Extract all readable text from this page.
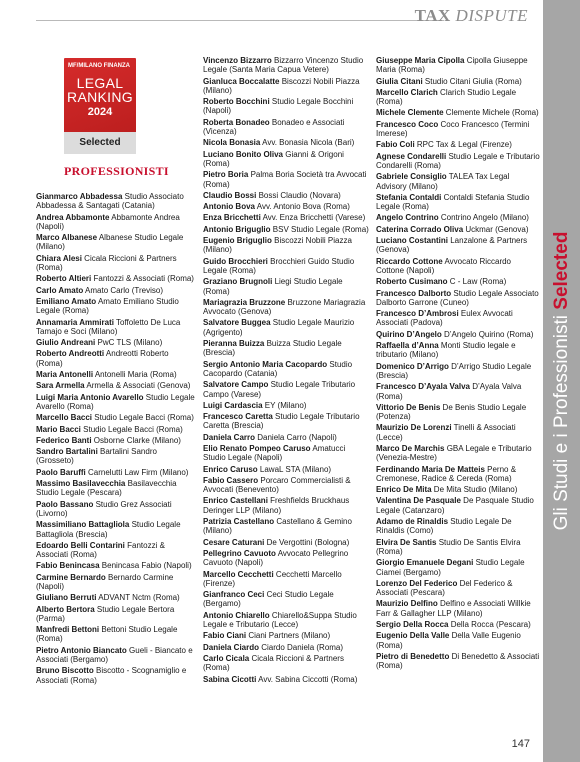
TAX DISPUTE
Gli Studi e i Professionisti Selected
MF/MILANO FINANZA
LEGAL
RANKING
2024
Selected
PROFESSIONISTI
Gianmarco Abbadessa Studio Associato Abbadessa & Santagati (Catania)
Andrea Abbamonte Abbamonte Andrea (Napoli)
Marco Albanese Albanese Studio Legale (Milano)
Chiara Alesi Cicala Riccioni & Partners (Roma)
Roberto Altieri Fantozzi & Associati (Roma)
Carlo Amato Amato Carlo (Treviso)
Emiliano Amato Amato Emiliano Studio Legale (Roma)
Annamaria Ammirati Toffoletto De Luca Tamajo e Soci (Milano)
Giulio Andreani PwC TLS (Milano)
Roberto Andreotti Andreotti Roberto (Roma)
Maria Antonelli Antonelli Maria (Roma)
Sara Armella Armella & Associati (Genova)
Luigi Maria Antonio Avarello Studio Legale Avarello (Roma)
Marcello Bacci Studio Legale Bacci (Roma)
Mario Bacci Studio Legale Bacci (Roma)
Federico Banti Osborne Clarke (Milano)
Sandro Bartalini Bartalini Sandro (Grosseto)
Paolo Baruffi Carnelutti Law Firm (Milano)
Massimo Basilavecchia Basilavecchia Studio Legale (Pescara)
Paolo Bassano Studio Grez Associati (Livorno)
Massimiliano Battagliola Studio Legale Battagliola (Brescia)
Edoardo Belli Contarini Fantozzi & Associati (Roma)
Fabio Benincasa Benincasa Fabio (Napoli)
Carmine Bernardo Bernardo Carmine (Napoli)
Giuliano Berruti ADVANT Nctm (Roma)
Alberto Bertora Studio Legale Bertora (Parma)
Manfredi Bettoni Bettoni Studio Legale (Roma)
Pietro Antonio Biancato Gueli - Biancato e Associati (Bergamo)
Bruno Biscotto Biscotto - Scognamiglio e Associati (Roma)
Vincenzo Bizzarro Bizzarro Vincenzo Studio Legale (Santa Maria Capua Vetere)
Gianluca Boccalatte Biscozzi Nobili Piazza (Milano)
Roberto Bocchini Studio Legale Bocchini (Napoli)
Roberta Bonadeo Bonadeo e Associati (Vicenza)
Nicola Bonasia Avv. Bonasia Nicola (Bari)
Luciano Bonito Oliva Gianni & Origoni (Roma)
Pietro Boria Palma Boria Società tra Avvocati (Roma)
Claudio Bossi Bossi Claudio (Novara)
Antonio Bova Avv. Antonio Bova (Roma)
Enza Bricchetti Avv. Enza Bricchetti (Varese)
Antonio Briguglio BSV Studio Legale (Roma)
Eugenio Briguglio Biscozzi Nobili Piazza (Milano)
Guido Brocchieri Brocchieri Guido Studio Legale (Roma)
Graziano Brugnoli Liegi Studio Legale (Roma)
Mariagrazia Bruzzone Bruzzone Mariagrazia Avvocato (Genova)
Salvatore Buggea Studio Legale Maurizio (Agrigento)
Pieranna Buizza Buizza Studio Legale (Brescia)
Sergio Antonio Maria Cacopardo Studio Cacopardo (Catania)
Salvatore Campo Studio Legale Tributario Campo (Varese)
Luigi Cardascia EY (Milano)
Francesco Caretta Studio Legale Tributario Caretta (Brescia)
Daniela Carro Daniela Carro (Napoli)
Elio Renato Pompeo Caruso Amatucci Studio Legale (Napoli)
Enrico Caruso LawaL STA (Milano)
Fabio Cassero Porcaro Commercialisti & Avvocati (Benevento)
Enrico Castellani Freshfields Bruckhaus Deringer LLP (Milano)
Patrizia Castellano Castellano & Gemino (Milano)
Cesare Caturani De Vergottini (Bologna)
Pellegrino Cavuoto Avvocato Pellegrino Cavuoto (Napoli)
Marcello Cecchetti Cecchetti Marcello (Firenze)
Gianfranco Ceci Ceci Studio Legale (Bergamo)
Antonio Chiarello Chiarello&Suppa Studio Legale e Tributario (Lecce)
Fabio Ciani Ciani Partners (Milano)
Daniela Ciardo Ciardo Daniela (Roma)
Carlo Cicala Cicala Riccioni & Partners (Roma)
Sabina Cicotti Avv. Sabina Ciccotti (Roma)
Giuseppe Maria Cipolla Cipolla Giuseppe Maria (Roma)
Giulia Citani Studio Citani Giulia (Roma)
Marcello Clarich Clarich Studio Legale (Roma)
Michele Clemente Clemente Michele (Roma)
Francesco Coco Coco Francesco (Termini Imerese)
Fabio Coli RPC Tax & Legal (Firenze)
Agnese Condarelli Studio Legale e Tributario Condarelli (Roma)
Gabriele Consiglio TALEA Tax Legal Advisory (Milano)
Stefania Contaldi Contaldi Stefania Studio Legale (Roma)
Angelo Contrino Contrino Angelo (Milano)
Caterina Corrado Oliva Uckmar (Genova)
Luciano Costantini Lanzalone & Partners (Genova)
Riccardo Cottone Avvocato Riccardo Cottone (Napoli)
Roberto Cusimano C - Law (Roma)
Francesco Dalborto Studio Legale Associato Dalborto Garrone (Cuneo)
Francesco D’Ambrosi Eulex Avvocati Associati (Padova)
Quirino D’Angelo D’Angelo Quirino (Roma)
Raffaella d’Anna Monti Studio legale e tributario (Milano)
Domenico D’Arrigo D’Arrigo Studio Legale (Brescia)
Francesco D’Ayala Valva D’Ayala Valva (Roma)
Vittorio De Benis De Benis Studio Legale (Potenza)
Maurizio De Lorenzi Tinelli & Associati (Lecce)
Marco De Marchis GBA Legale e Tributario (Venezia-Mestre)
Ferdinando Maria De Matteis Perno & Cremonese, Radice & Cereda (Roma)
Enrico De Mita De Mita Studio (Milano)
Valentina De Pasquale De Pasquale Studio Legale (Catanzaro)
Adamo de Rinaldis Studio Legale De Rinaldis (Como)
Elvira De Santis Studio De Santis Elvira (Roma)
Giorgio Emanuele Degani Studio Legale Ciamei (Bergamo)
Lorenzo Del Federico Del Federico & Associati (Pescara)
Maurizio Delfino Delfino e Associati Willkie Farr & Gallagher LLP (Milano)
Sergio Della Rocca Della Rocca (Pescara)
Eugenio Della Valle Della Valle Eugenio (Roma)
Pietro di Benedetto Di Benedetto & Associati (Roma)
147
